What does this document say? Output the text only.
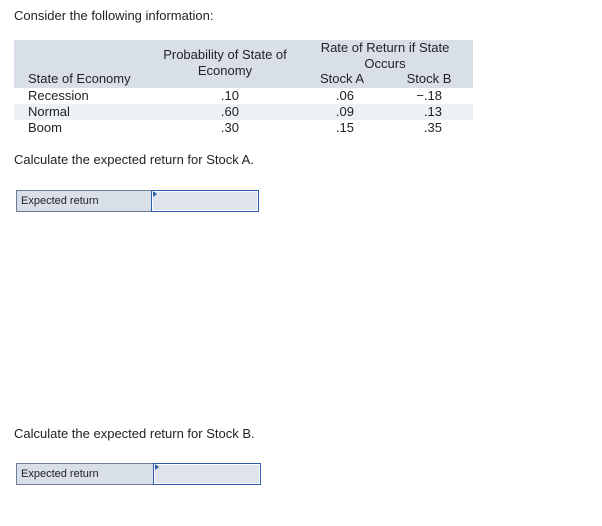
Consider the following information:
State of Economy
Probability of State of Economy
Rate of Return if State Occurs
Stock A	Stock B
Recession	.10	.06	−.18
Normal	.60	.09	.13
Boom	.30	.15	.35
Calculate the expected return for Stock A.
Expected return
Calculate the expected return for Stock B.
Expected return
